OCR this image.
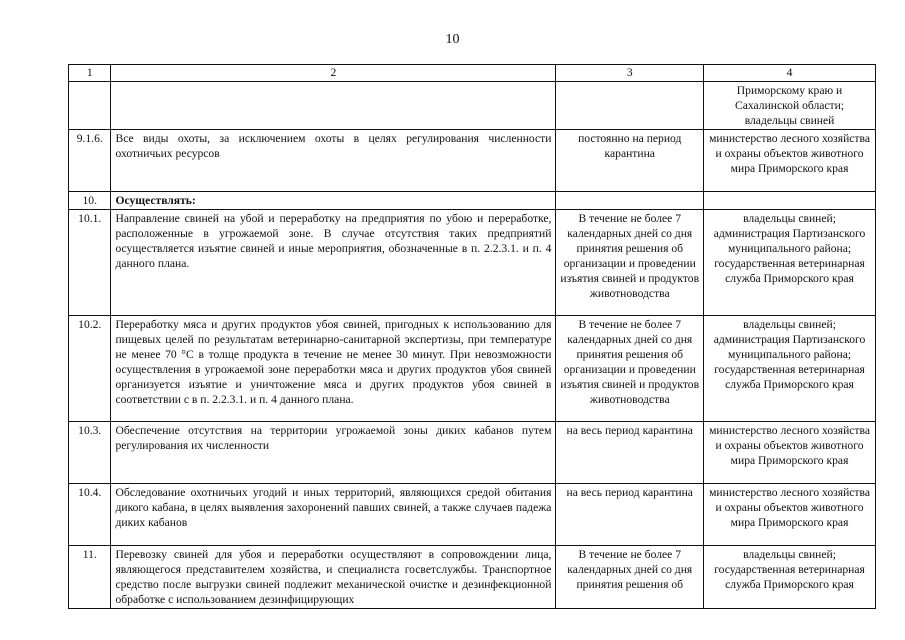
10
1	2	3	4
			Приморскому краю и Сахалинской области; владельцы свиней
9.1.6.	Все виды охоты, за исключением охоты в целях регулирования численности охотничьих ресурсов	постоянно на период карантина	министерство лесного хозяйства и охраны объектов животного мира Приморского края
10.	Осуществлять:		
10.1.	Направление свиней на убой и переработку на предприятия по убою и переработке, расположенные в угрожаемой зоне. В случае отсутствия таких предприятий осуществляется изъятие свиней и иные мероприятия, обозначенные в п. 2.2.3.1. и п. 4 данного плана.	В течение не более 7 календарных дней со дня принятия решения об организации и проведении изъятия свиней и продуктов животноводства	владельцы свиней; администрация Партизанского муниципального района; государственная ветеринарная служба Приморского края
10.2.	Переработку мяса и других продуктов убоя свиней, пригодных к использованию для пищевых целей по результатам ветеринарно-санитарной экспертизы, при температуре не менее 70 °С в толще продукта в течение не менее 30 минут. При невозможности осуществления в угрожаемой зоне переработки мяса и других продуктов убоя свиней организуется изъятие и уничтожение мяса и других продуктов убоя свиней в соответствии с в п. 2.2.3.1. и п. 4 данного плана.	В течение не более 7 календарных дней со дня принятия решения об организации и проведении изъятия свиней и продуктов животноводства	владельцы свиней; администрация Партизанского муниципального района; государственная ветеринарная служба Приморского края
10.3.	Обеспечение отсутствия на территории угрожаемой зоны диких кабанов путем регулирования их численности	на весь период карантина	министерство лесного хозяйства и охраны объектов животного мира Приморского края
10.4.	Обследование охотничьих угодий и иных территорий, являющихся средой обитания дикого кабана, в целях выявления захоронений павших свиней, а также случаев падежа диких кабанов	на весь период карантина	министерство лесного хозяйства и охраны объектов животного мира Приморского края
11.	Перевозку свиней для убоя и переработки осуществляют в сопровождении лица, являющегося представителем хозяйства, и специалиста госветслужбы. Транспортное средство после выгрузки свиней подлежит механической очистке и дезинфекционной обработке с использованием дезинфицирующих	В течение не более 7 календарных дней со дня принятия решения об	владельцы свиней; государственная ветеринарная служба Приморского края
